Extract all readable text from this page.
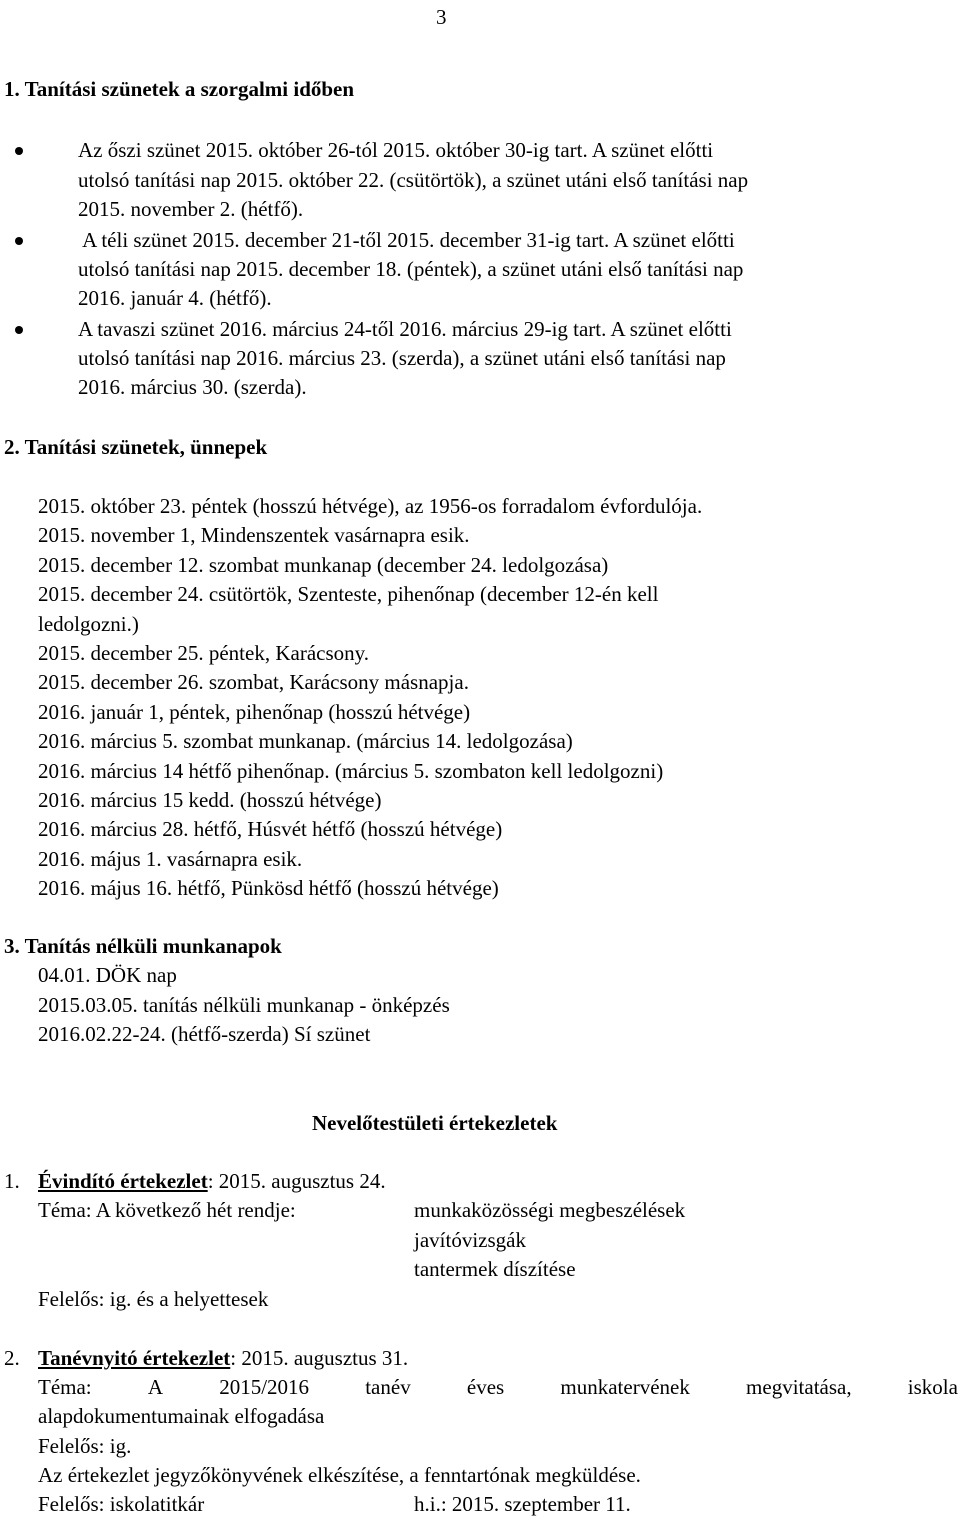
3
1. Tanítási szünetek a szorgalmi időben
Az őszi szünet 2015. október 26-tól 2015. október 30-ig tart. A szünet előtti
utolsó tanítási nap 2015. október 22. (csütörtök), a szünet utáni első tanítási nap
2015. november 2. (hétfő).
A téli szünet 2015. december 21-től 2015. december 31-ig tart. A szünet előtti
utolsó tanítási nap 2015. december 18. (péntek), a szünet utáni első tanítási nap
2016. január 4. (hétfő).
A tavaszi szünet 2016. március 24-től 2016. március 29-ig tart. A szünet előtti
utolsó tanítási nap 2016. március 23. (szerda), a szünet utáni első tanítási nap
2016. március 30. (szerda).
2. Tanítási szünetek, ünnepek
2015. október 23. péntek (hosszú hétvége), az 1956-os forradalom évfordulója.
2015. november 1, Mindenszentek vasárnapra esik.
2015. december 12. szombat munkanap (december 24. ledolgozása)
2015. december 24. csütörtök, Szenteste, pihenőnap (december 12-én kell
ledolgozni.)
2015. december 25. péntek, Karácsony.
2015. december 26. szombat, Karácsony másnapja.
2016. január 1, péntek, pihenőnap (hosszú hétvége)
2016. március 5. szombat munkanap. (március 14. ledolgozása)
2016. március 14 hétfő pihenőnap. (március 5. szombaton kell ledolgozni)
2016. március 15 kedd. (hosszú hétvége)
2016. március 28. hétfő, Húsvét hétfő (hosszú hétvége)
2016. május 1. vasárnapra esik.
2016. május 16. hétfő, Pünkösd hétfő (hosszú hétvége)
3. Tanítás nélküli munkanapok
04.01. DÖK nap
2015.03.05. tanítás nélküli munkanap - önképzés
2016.02.22-24. (hétfő-szerda) Sí szünet
Nevelőtestületi értekezletek
1. Évindító értekezlet: 2015. augusztus 24.
Téma: A következő hét rendje:	munkaközösségi megbeszélések
javítóvizsgák
tantermek díszítése
Felelős: ig. és a helyettesek
2. Tanévnyitó értekezlet: 2015. augusztus 31.
Téma:	A	2015/2016	tanév	éves	munkatervének	megvitatása,	iskola
alapdokumentumainak elfogadása
Felelős: ig.
Az értekezlet jegyzőkönyvének elkészítése, a fenntartónak megküldése.
Felelős: iskolatitkár	h.i.: 2015. szeptember 11.
